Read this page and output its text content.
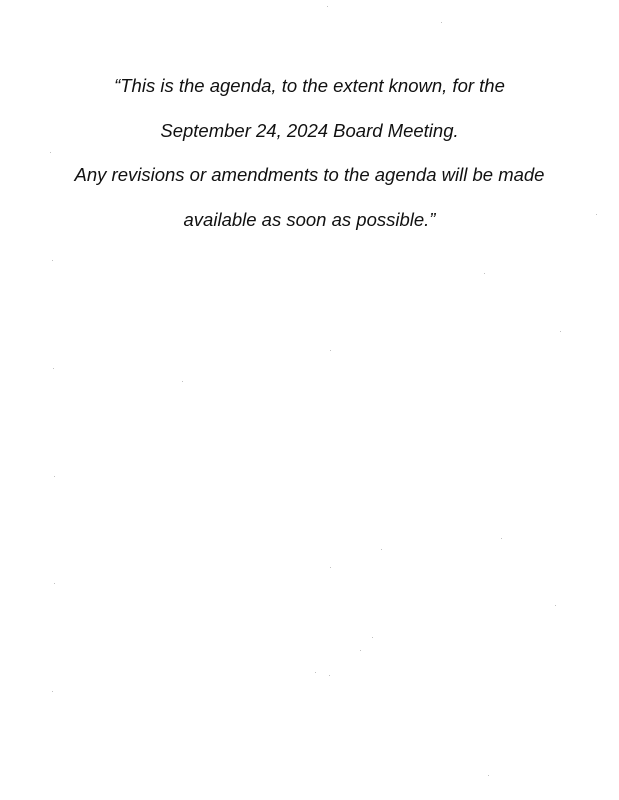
“This is the agenda, to the extent known, for the
September 24, 2024 Board Meeting.
Any revisions or amendments to the agenda will be made
available as soon as possible.”
